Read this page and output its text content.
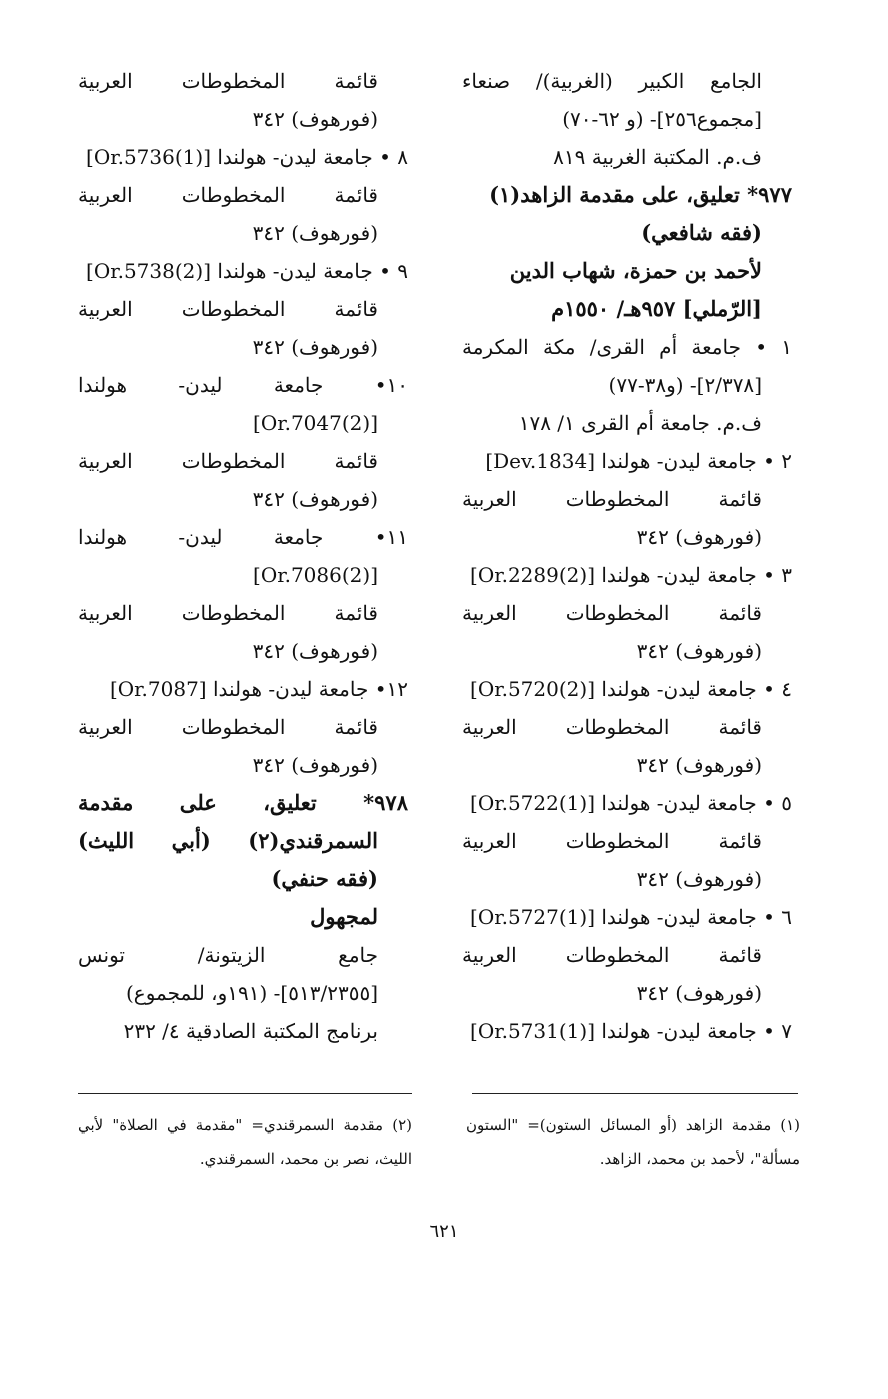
الجامع الكبير (الغربية)/ صنعاء
[مجموع٢٥٦]- (و ٦٢-٧٠)
ف.م. المكتبة الغربية ٨١٩
٩٧٧* تعليق، على مقدمة الزاهد(١)
(فقه شافعي)
لأحمد بن حمزة، شهاب الدين
[الرّملي] ٩٥٧هـ/ ١٥٥٠م
١ • جامعة أم القرى/ مكة المكرمة
[٢/٣٧٨]- (و٣٨-٧٧)
ف.م. جامعة أم القرى ١/ ١٧٨
٢ • جامعة ليدن- هولندا [Dev.1834]
قائمة المخطوطات العربية
(فورهوف) ٣٤٢
٣ • جامعة ليدن- هولندا [Or.2289(2)]
قائمة المخطوطات العربية
(فورهوف) ٣٤٢
٤ • جامعة ليدن- هولندا [Or.5720(2)]
قائمة المخطوطات العربية
(فورهوف) ٣٤٢
٥ • جامعة ليدن- هولندا [Or.5722(1)]
قائمة المخطوطات العربية
(فورهوف) ٣٤٢
٦ • جامعة ليدن- هولندا [Or.5727(1)]
قائمة المخطوطات العربية
(فورهوف) ٣٤٢
٧ • جامعة ليدن- هولندا [Or.5731(1)]
قائمة المخطوطات العربية
(فورهوف) ٣٤٢
٨ • جامعة ليدن- هولندا [Or.5736(1)]
قائمة المخطوطات العربية
(فورهوف) ٣٤٢
٩ • جامعة ليدن- هولندا [Or.5738(2)]
قائمة المخطوطات العربية
(فورهوف) ٣٤٢
١٠• جامعة ليدن- هولندا
[Or.7047(2)]
قائمة المخطوطات العربية
(فورهوف) ٣٤٢
١١• جامعة ليدن- هولندا
[Or.7086(2)]
قائمة المخطوطات العربية
(فورهوف) ٣٤٢
١٢• جامعة ليدن- هولندا [Or.7087]
قائمة المخطوطات العربية
(فورهوف) ٣٤٢
٩٧٨* تعليق، على مقدمة
السمرقندي(٢) (أبي الليث)
(فقه حنفي)
لمجهول
جامع الزيتونة/ تونس
[٥١٣/٢٣٥٥]- (١٩١و، للمجموع)
برنامج المكتبة الصادقية ٤/ ٢٣٢
(١) مقدمة الزاهد (أو المسائل الستون)= "الستون مسألة"، لأحمد بن محمد، الزاهد.
(٢) مقدمة السمرقندي= "مقدمة في الصلاة" لأبي الليث، نصر بن محمد، السمرقندي.
٦٢١
